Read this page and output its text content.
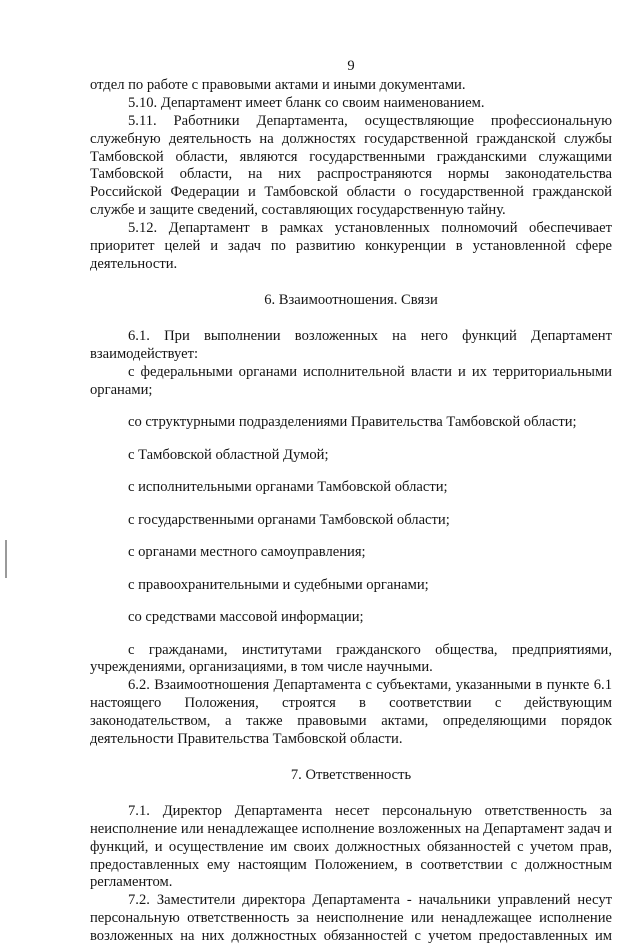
9

отдел по работе с правовыми актами и иными документами.

5.10. Департамент имеет бланк со своим наименованием.

5.11. Работники Департамента, осуществляющие профессиональную служебную деятельность на должностях государственной гражданской службы Тамбовской области, являются государственными гражданскими служащими Тамбовской области, на них распространяются нормы законодательства Российской Федерации и Тамбовской области о государственной гражданской службе и защите сведений, составляющих государственную тайну.

5.12. Департамент в рамках установленных полномочий обеспечивает приоритет целей и задач по развитию конкуренции в установленной сфере деятельности.

6. Взаимоотношения. Связи

6.1. При выполнении возложенных на него функций Департамент взаимодействует:

с федеральными органами исполнительной власти и их территориальными органами;

со структурными подразделениями Правительства Тамбовской области;

с Тамбовской областной Думой;

с исполнительными органами Тамбовской области;

с государственными органами Тамбовской области;

с органами местного самоуправления;

с правоохранительными и судебными органами;

со средствами массовой информации;

с гражданами, институтами гражданского общества, предприятиями, учреждениями, организациями, в том числе научными.

6.2. Взаимоотношения Департамента с субъектами, указанными в пункте 6.1 настоящего Положения, строятся в соответствии с действующим законодательством, а также правовыми актами, определяющими порядок деятельности Правительства Тамбовской области.

7. Ответственность

7.1. Директор Департамента несет персональную ответственность за неисполнение или ненадлежащее исполнение возложенных на Департамент задач и функций, и осуществление им своих должностных обязанностей с учетом прав, предоставленных ему настоящим Положением, в соответствии с должностным регламентом.

7.2. Заместители директора Департамента - начальники управлений несут персональную ответственность за неисполнение или ненадлежащее исполнение возложенных на них должностных обязанностей с учетом предоставленных им
